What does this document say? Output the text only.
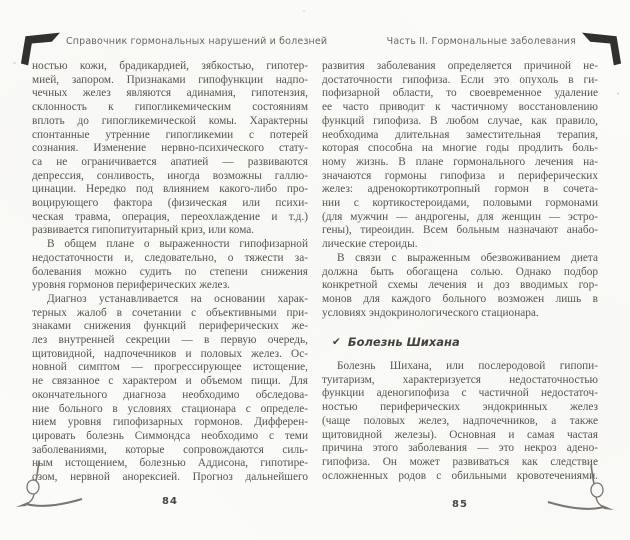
Справочник гормональных нарушений и болезней	Часть II. Гормональные заболевания
ностью кожи, брадикардией, зябкостью, гипотер-
мией, запором. Признаками гипофункции надпо-
чечных желез являются адинамия, гипотензия,
склонность к гипогликемическим состояниям
вплоть до гипогликемической комы. Характерны
спонтанные утренние гипогликемии с потерей
сознания. Изменение нервно-психического стату-
са не ограничивается апатией — развиваются
депрессия, сонливость, иногда возможны галлю-
цинации. Нередко под влиянием какого-либо про-
воцирующего фактора (физическая или психи-
ческая травма, операция, переохлаждение и т.д.)
развивается гипопитуитарный криз, или кома.
В общем плане о выраженности гипофизарной
недостаточности и, следовательно, о тяжести за-
болевания можно судить по степени снижения
уровня гормонов периферических желез.
Диагноз устанавливается на основании харак-
терных жалоб в сочетании с объективными при-
знаками снижения функций периферических же-
лез внутренней секреции — в первую очередь,
щитовидной, надпочечников и половых желез. Ос-
новной симптом — прогрессирующее истощение,
не связанное с характером и объемом пищи. Для
окончательного диагноза необходимо обследова-
ние больного в условиях стационара с определе-
нием уровня гипофизарных гормонов. Дифферен-
цировать болезнь Симмондса необходимо с теми
заболеваниями, которые сопровождаются силь-
ным истощением, болезнью Аддисона, гипотире-
озом, нервной анорексией. Прогноз дальнейшего
развития заболевания определяется причиной не-
достаточности гипофиза. Если это опухоль в ги-
пофизарной области, то своевременное удаление
ее часто приводит к частичному восстановлению
функций гипофиза. В любом случае, как правило,
необходима длительная заместительная терапия,
которая способна на многие годы продлить боль-
ному жизнь. В плане гормонального лечения на-
значаются гормоны гипофиза и периферических
желез: адренокортикотропный гормон в сочета-
нии с кортикостероидами, половыми гормонами
(для мужчин — андрогены, для женщин — эстро-
гены), тиреоидин. Всем больным назначают анабо-
лические стероиды.
В связи с выраженным обезвоживанием диета
должна быть обогащена солью. Однако подбор
конкретной схемы лечения и доз вводимых гор-
монов для каждого больного возможен лишь в
условиях эндокринологического стационара.
✔ Болезнь Шихана
Болезнь Шихана, или послеродовой гипопи-
туитаризм, характеризуется недостаточностью
функции аденогипофиза с частичной недостаточ-
ностью периферических эндокринных желез
(чаще половых желез, надпочечников, а также
щитовидной железы). Основная и самая частая
причина этого заболевания — это некроз адено-
гипофиза. Он может развиваться как следствие
осложненных родов с обильными кровотечениями.
84	85
